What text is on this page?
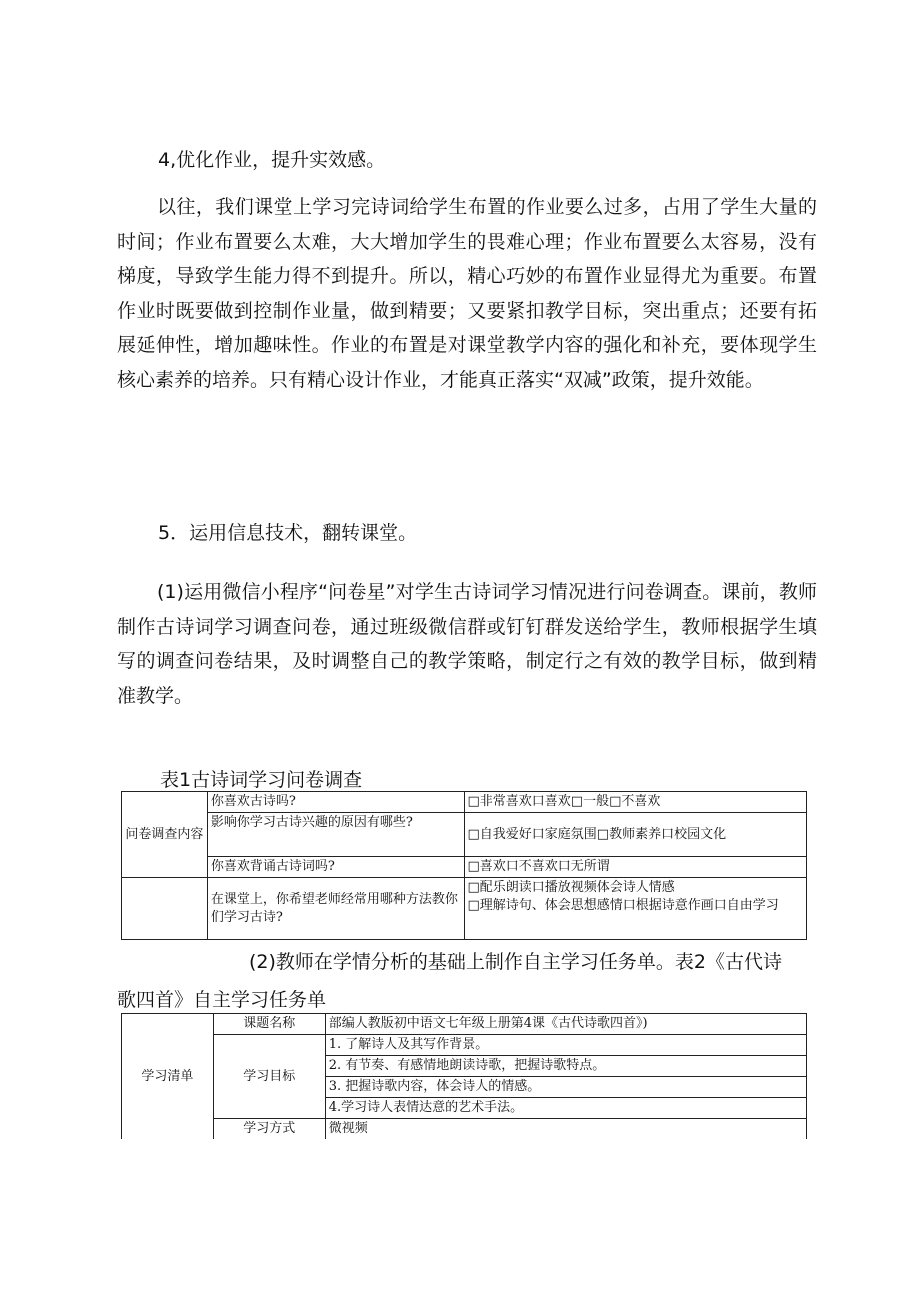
4,优化作业，提升实效感。

以往，我们课堂上学习完诗词给学生布置的作业要么过多，占用了学生大量的时间；作业布置要么太难，大大增加学生的畏难心理；作业布置要么太容易，没有梯度，导致学生能力得不到提升。所以，精心巧妙的布置作业显得尤为重要。布置作业时既要做到控制作业量，做到精要；又要紧扣教学目标，突出重点；还要有拓展延伸性，增加趣味性。作业的布置是对课堂教学内容的强化和补充，要体现学生核心素养的培养。只有精心设计作业，才能真正落实“双减”政策，提升效能。

5．运用信息技术，翻转课堂。

(1)运用微信小程序“问卷星”对学生古诗词学习情况进行问卷调查。课前，教师制作古诗词学习调查问卷，通过班级微信群或钉钉群发送给学生，教师根据学生填写的调查问卷结果，及时调整自己的教学策略，制定行之有效的教学目标，做到精准教学。

表1古诗词学习问卷调查
问卷调查内容	你喜欢古诗吗?	□非常喜欢口喜欢□一般□不喜欢
	影响你学习古诗兴趣的原因有哪些?	□自我爱好口家庭氛围□教师素养口校园文化
	你喜欢背诵古诗词吗?	□喜欢口不喜欢口无所谓
	在课堂上，你希望老师经常用哪种方法教你们学习古诗?	□配乐朗读口播放视频体会诗人情感
□理解诗句、体会思想感情口根据诗意作画口自由学习
(2)教师在学情分析的基础上制作自主学习任务单。表2《古代诗
歌四首》自主学习任务单
学习清单	课题名称	部编人教版初中语文七年级上册第4课《古代诗歌四首》)
	学习目标	1. 了解诗人及其写作背景。
		2. 有节奏、有感情地朗读诗歌，把握诗歌特点。
		3. 把握诗歌内容，体会诗人的情感。
		4.学习诗人表情达意的艺术手法。
	学习方式	微视频
